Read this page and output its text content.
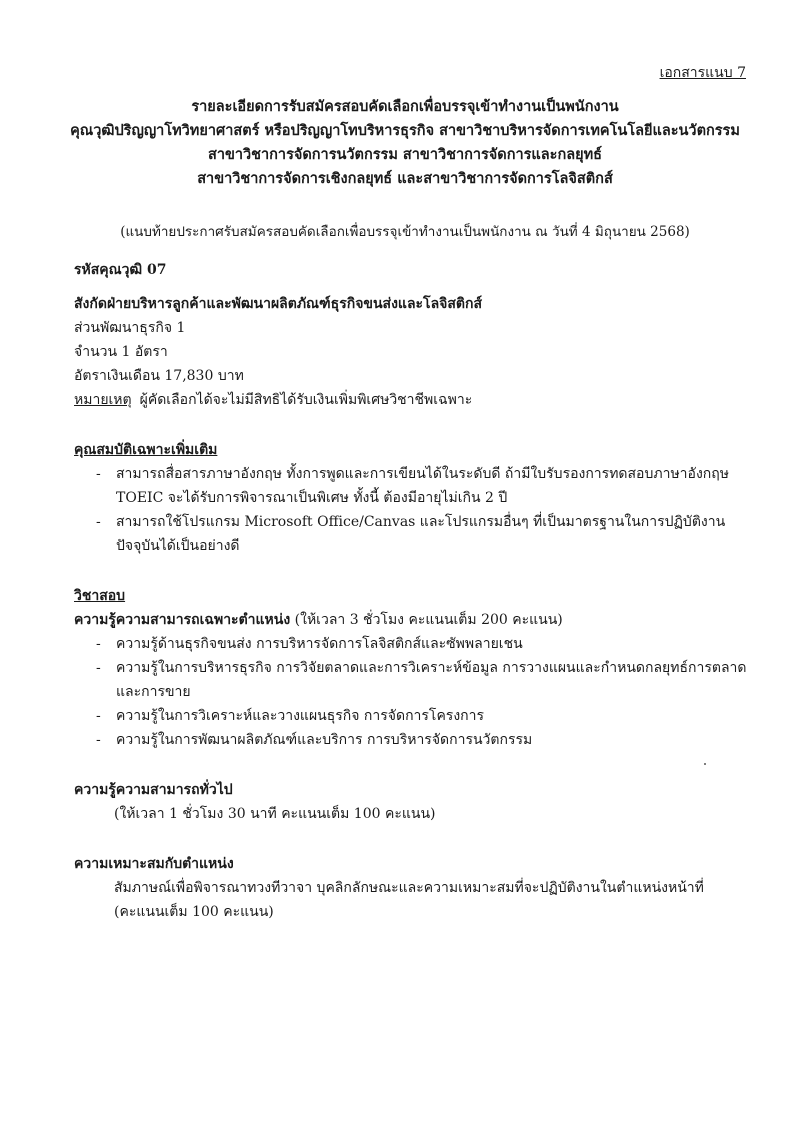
เอกสารแนบ 7
รายละเอียดการรับสมัครสอบคัดเลือกเพื่อบรรจุเข้าทำงานเป็นพนักงาน
คุณวุฒิปริญญาโทวิทยาศาสตร์ หรือปริญญาโทบริหารธุรกิจ สาขาวิชาบริหารจัดการเทคโนโลยีและนวัตกรรม
สาขาวิชาการจัดการนวัตกรรม สาขาวิชาการจัดการและกลยุทธ์
สาขาวิชาการจัดการเชิงกลยุทธ์ และสาขาวิชาการจัดการโลจิสติกส์
(แนบท้ายประกาศรับสมัครสอบคัดเลือกเพื่อบรรจุเข้าทำงานเป็นพนักงาน ณ วันที่ 4 มิถุนายน 2568)
รหัสคุณวุฒิ 07
สังกัดฝ่ายบริหารลูกค้าและพัฒนาผลิตภัณฑ์ธุรกิจขนส่งและโลจิสติกส์
ส่วนพัฒนาธุรกิจ 1
จำนวน 1 อัตรา
อัตราเงินเดือน 17,830 บาท
หมายเหตุ ผู้คัดเลือกได้จะไม่มีสิทธิได้รับเงินเพิ่มพิเศษวิชาชีพเฉพาะ
คุณสมบัติเฉพาะเพิ่มเติม
- สามารถสื่อสารภาษาอังกฤษ ทั้งการพูดและการเขียนได้ในระดับดี ถ้ามีใบรับรองการทดสอบภาษาอังกฤษ TOEIC จะได้รับการพิจารณาเป็นพิเศษ ทั้งนี้ ต้องมีอายุไม่เกิน 2 ปี
- สามารถใช้โปรแกรม Microsoft Office/Canvas และโปรแกรมอื่นๆ ที่เป็นมาตรฐานในการปฏิบัติงานปัจจุบันได้เป็นอย่างดี
วิชาสอบ
ความรู้ความสามารถเฉพาะตำแหน่ง (ให้เวลา 3 ชั่วโมง คะแนนเต็ม 200 คะแนน)
- ความรู้ด้านธุรกิจขนส่ง การบริหารจัดการโลจิสติกส์และซัพพลายเชน
- ความรู้ในการบริหารธุรกิจ การวิจัยตลาดและการวิเคราะห์ข้อมูล การวางแผนและกำหนดกลยุทธ์การตลาดและการขาย
- ความรู้ในการวิเคราะห์และวางแผนธุรกิจ การจัดการโครงการ
- ความรู้ในการพัฒนาผลิตภัณฑ์และบริการ การบริหารจัดการนวัตกรรม
ความรู้ความสามารถทั่วไป
(ให้เวลา 1 ชั่วโมง 30 นาที คะแนนเต็ม 100 คะแนน)
ความเหมาะสมกับตำแหน่ง
สัมภาษณ์เพื่อพิจารณาทวงทีวาจา บุคลิกลักษณะและความเหมาะสมที่จะปฏิบัติงานในตำแหน่งหน้าที่
(คะแนนเต็ม 100 คะแนน)
